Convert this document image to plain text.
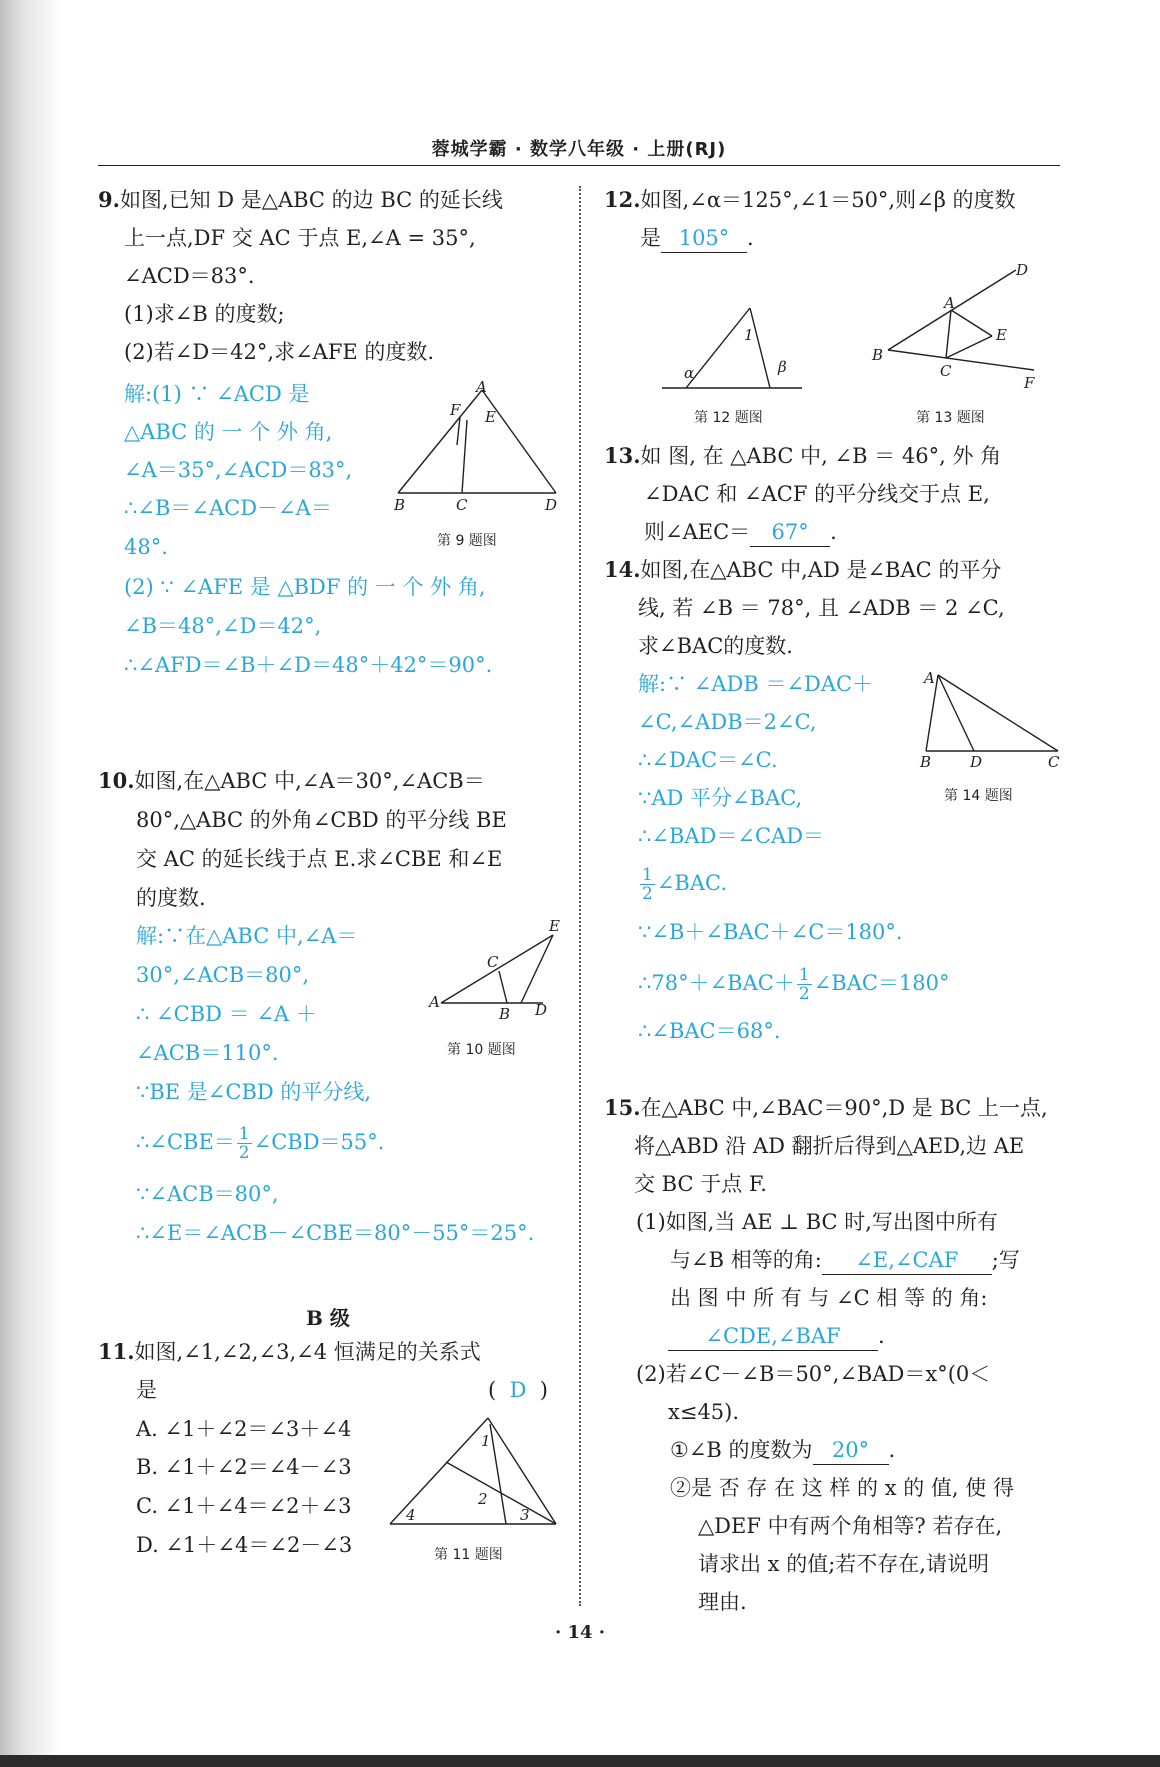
蓉城学霸 · 数学八年级 · 上册(RJ)
9.如图,已知 D 是△ABC 的边 BC 的延长线
上一点,DF 交 AC 于点 E,∠A = 35°,
∠ACD＝83°.
(1)求∠B 的度数;
(2)若∠D＝42°,求∠AFE 的度数.
解:(1) ∵ ∠ACD 是
△ABC 的 一 个 外 角,
∠A＝35°,∠ACD＝83°,
∴∠B＝∠ACD－∠A＝
48°.
(2) ∵ ∠AFE 是 △BDF 的 一 个 外 角,
∠B＝48°,∠D＝42°,
∴∠AFD＝∠B＋∠D＝48°＋42°＝90°.
A
F E
B	C	D
第 9 题图
10.如图,在△ABC 中,∠A＝30°,∠ACB＝
80°,△ABC 的外角∠CBD 的平分线 BE
交 AC 的延长线于点 E.求∠CBE 和∠E
的度数.
解:∵在△ABC 中,∠A＝
30°,∠ACB＝80°,
∴ ∠CBD ＝ ∠A ＋
∠ACB＝110°.
∵BE 是∠CBD 的平分线,
∴∠CBE＝ $\frac{1}{2}$ ∠CBD＝55°.
∵∠ACB＝80°,
∴∠E＝∠ACB－∠CBE＝80°－55°＝25°.
E
C
A
B D
第 10 题图
B 级
11.如图,∠1,∠2,∠3,∠4 恒满足的关系式
是	( D )
A. ∠1＋∠2＝∠3＋∠4
B. ∠1＋∠2＝∠4－∠3
C. ∠1＋∠4＝∠2＋∠3
D. ∠1＋∠4＝∠2－∠3
1
2
3
4
第 11 题图
12.如图,∠α＝125°,∠1＝50°,则∠β 的度数
是 105° .
1
α	β
第 12 题图
D
A
E
B
C
F
第 13 题图
13.如 图, 在 △ABC 中, ∠B ＝ 46°, 外 角
∠DAC 和 ∠ACF 的平分线交于点 E,
则∠AEC＝ 67° .
14.如图,在△ABC 中,AD 是∠BAC 的平分
线, 若 ∠B ＝ 78°, 且 ∠ADB ＝ 2 ∠C,
求∠BAC的度数.
解:∵ ∠ADB ＝∠DAC＋
∠C,∠ADB＝2∠C,
∴∠DAC＝∠C.
∵AD 平分∠BAC,
∴∠BAD＝∠CAD＝
$\frac{1}{2}$ ∠BAC.
∵∠B＋∠BAC＋∠C＝180°.
∴78°＋∠BAC＋ $\frac{1}{2}$ ∠BAC＝180°
∴∠BAC＝68°.
A
B	D	C
第 14 题图
15.在△ABC 中,∠BAC＝90°,D 是 BC 上一点,
将△ABD 沿 AD 翻折后得到△AED,边 AE
交 BC 于点 F.
(1)如图,当 AE ⊥ BC 时,写出图中所有
与∠B 相等的角: ∠E,∠CAF ;写
出 图 中 所 有 与 ∠C 相 等 的 角:
∠CDE,∠BAF .
(2)若∠C－∠B＝50°,∠BAD＝x°(0＜
x≤45).
①∠B 的度数为 20° .
②是 否 存 在 这 样 的 x 的 值, 使 得
△DEF 中有两个角相等? 若存在,
请求出 x 的值;若不存在,请说明
理由.
· 14 ·
